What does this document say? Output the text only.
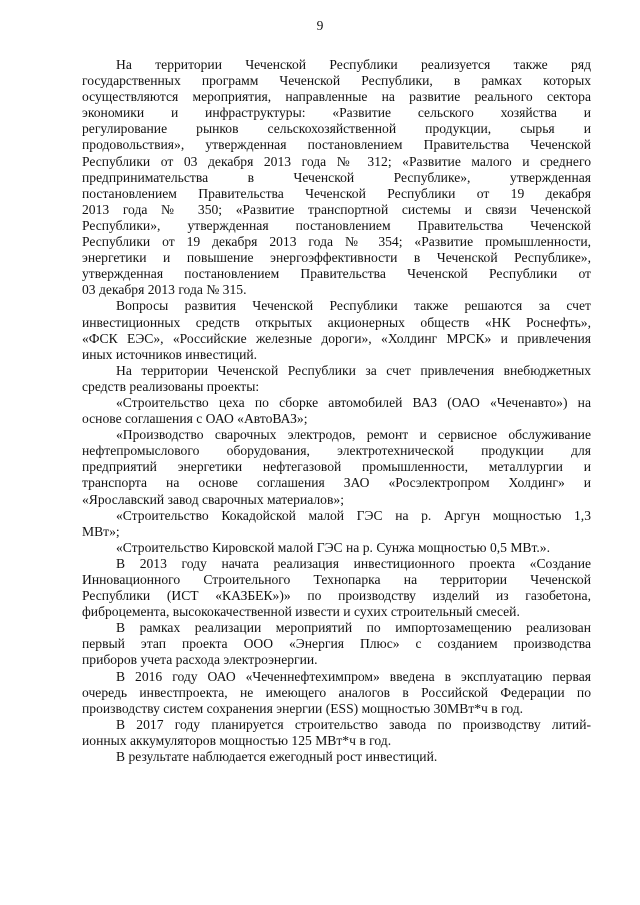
9
На территории Чеченской Республики реализуется также ряд
государственных программ Чеченской Республики, в рамках которых
осуществляются мероприятия, направленные на развитие реального сектора
экономики и инфраструктуры: «Развитие сельского хозяйства и
регулирование рынков сельскохозяйственной продукции, сырья и
продовольствия», утвержденная постановлением Правительства Чеченской
Республики от 03 декабря 2013 года № 312; «Развитие малого и среднего
предпринимательства в Чеченской Республике», утвержденная
постановлением Правительства Чеченской Республики от 19 декабря
2013 года № 350; «Развитие транспортной системы и связи Чеченской
Республики», утвержденная постановлением Правительства Чеченской
Республики от 19 декабря 2013 года № 354; «Развитие промышленности,
энергетики и повышение энергоэффективности в Чеченской Республике»,
утвержденная постановлением Правительства Чеченской Республики от
03 декабря 2013 года № 315.
Вопросы развития Чеченской Республики также решаются за счет
инвестиционных средств открытых акционерных обществ «НК Роснефть»,
«ФСК ЕЭС», «Российские железные дороги», «Холдинг МРСК» и привлечения
иных источников инвестиций.
На территории Чеченской Республики за счет привлечения внебюджетных
средств реализованы проекты:
«Строительство цеха по сборке автомобилей ВАЗ (ОАО «Чеченавто») на
основе соглашения с ОАО «АвтоВАЗ»;
«Производство сварочных электродов, ремонт и сервисное обслуживание
нефтепромыслового оборудования, электротехнической продукции для
предприятий энергетики нефтегазовой промышленности, металлургии и
транспорта на основе соглашения ЗАО «Росэлектропром Холдинг» и
«Ярославский завод сварочных материалов»;
«Строительство Кокадойской малой ГЭС на р. Аргун мощностью 1,3
МВт»;
«Строительство Кировской малой ГЭС на р. Сунжа мощностью 0,5 МВт.».
В 2013 году начата реализация инвестиционного проекта «Создание
Инновационного Строительного Технопарка на территории Чеченской
Республики (ИСТ «КАЗБЕК»)» по производству изделий из газобетона,
фиброцемента, высококачественной извести и сухих строительный смесей.
В рамках реализации мероприятий по импортозамещению реализован
первый этап проекта ООО «Энергия Плюс» с созданием производства
приборов учета расхода электроэнергии.
В 2016 году ОАО «Чеченнефтехимпром» введена в эксплуатацию первая
очередь инвестпроекта, не имеющего аналогов в Российской Федерации по
производству систем сохранения энергии (ESS) мощностью 30МВт*ч в год.
В 2017 году планируется строительство завода по производству литий-
ионных аккумуляторов мощностью 125 МВт*ч в год.
В результате наблюдается ежегодный рост инвестиций.
